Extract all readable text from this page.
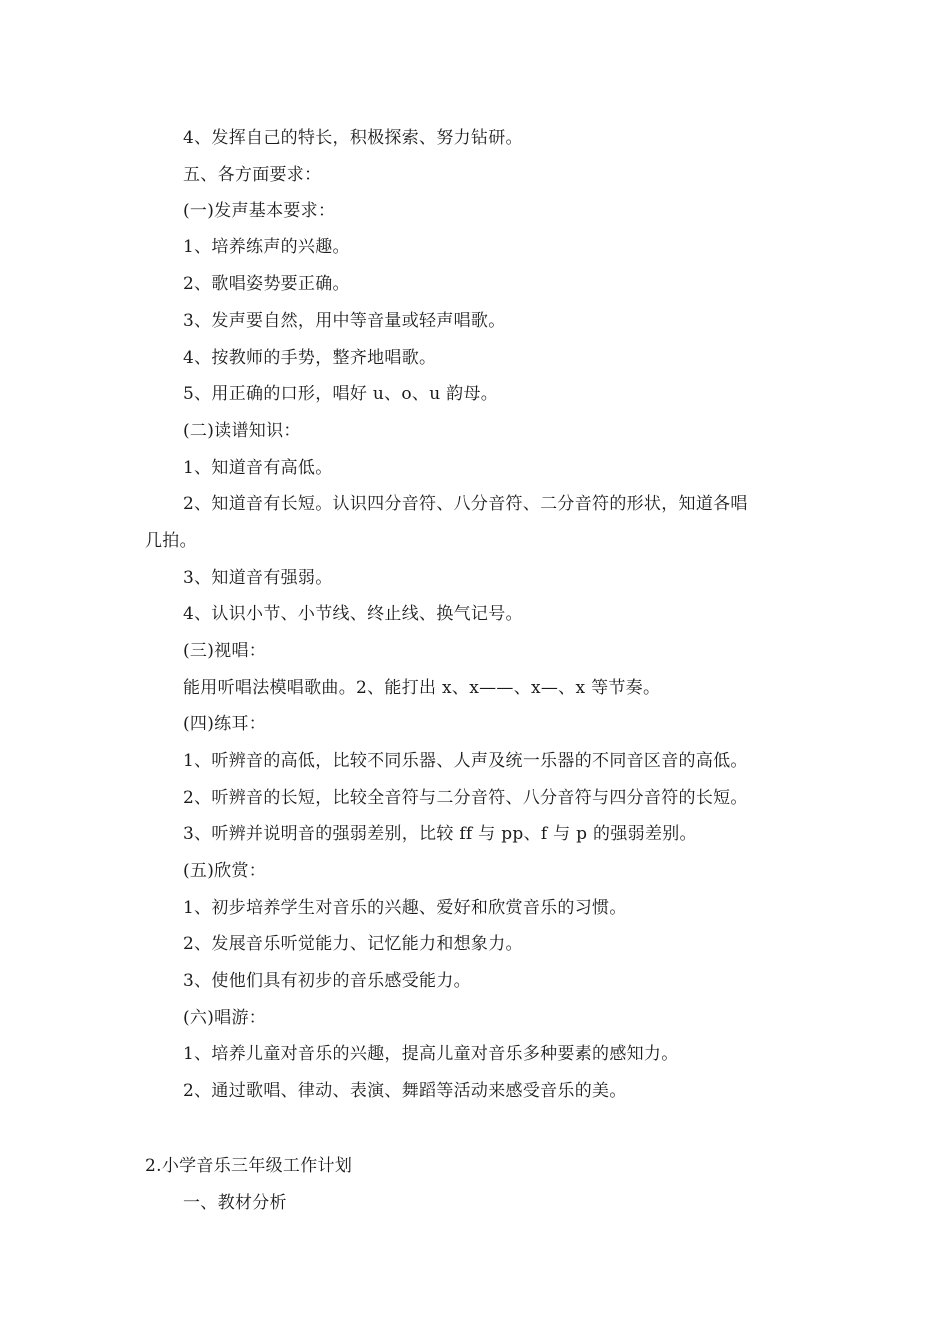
4、发挥自己的特长，积极探索、努力钻研。
五、各方面要求：
(一)发声基本要求：
1、培养练声的兴趣。
2、歌唱姿势要正确。
3、发声要自然，用中等音量或轻声唱歌。
4、按教师的手势，整齐地唱歌。
5、用正确的口形，唱好 u、o、u 韵母。
(二)读谱知识：
1、知道音有高低。
2、知道音有长短。认识四分音符、八分音符、二分音符的形状，知道各唱
几拍。
3、知道音有强弱。
4、认识小节、小节线、终止线、换气记号。
(三)视唱：
能用听唱法模唱歌曲。2、能打出 x、x——、x—、x 等节奏。
(四)练耳：
1、听辨音的高低，比较不同乐器、人声及统一乐器的不同音区音的高低。
2、听辨音的长短，比较全音符与二分音符、八分音符与四分音符的长短。
3、听辨并说明音的强弱差别，比较 ff 与 pp、f 与 p 的强弱差别。
(五)欣赏：
1、初步培养学生对音乐的兴趣、爱好和欣赏音乐的习惯。
2、发展音乐听觉能力、记忆能力和想象力。
3、使他们具有初步的音乐感受能力。
(六)唱游：
1、培养儿童对音乐的兴趣，提高儿童对音乐多种要素的感知力。
2、通过歌唱、律动、表演、舞蹈等活动来感受音乐的美。
2.小学音乐三年级工作计划
一、教材分析
